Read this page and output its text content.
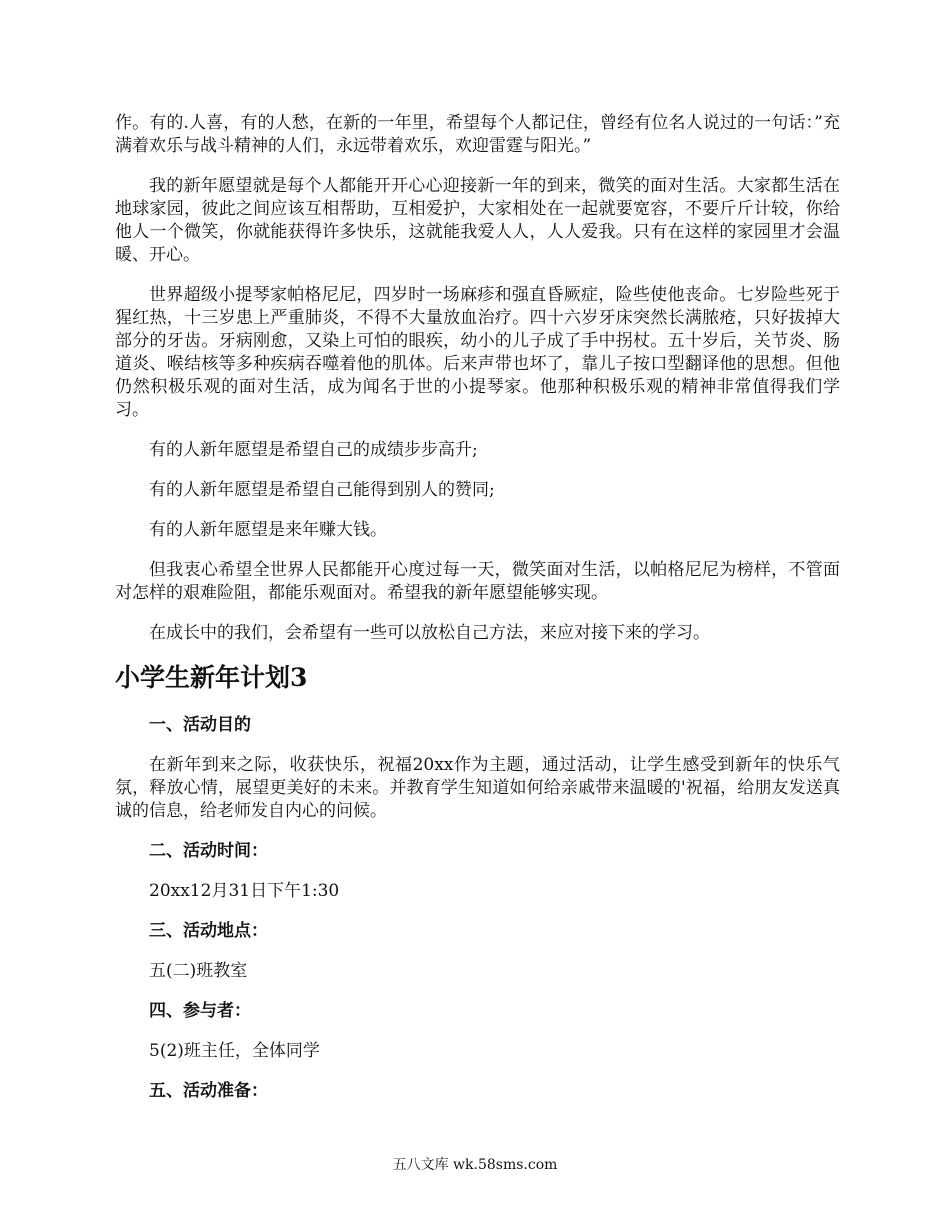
作。有的.人喜，有的人愁，在新的一年里，希望每个人都记住，曾经有位名人说过的一句话：”充满着欢乐与战斗精神的人们，永远带着欢乐，欢迎雷霆与阳光。”

我的新年愿望就是每个人都能开开心心迎接新一年的到来，微笑的面对生活。大家都生活在地球家园，彼此之间应该互相帮助，互相爱护，大家相处在一起就要宽容，不要斤斤计较，你给他人一个微笑，你就能获得许多快乐，这就能我爱人人，人人爱我。只有在这样的家园里才会温暖、开心。

世界超级小提琴家帕格尼尼，四岁时一场麻疹和强直昏厥症，险些使他丧命。七岁险些死于猩红热，十三岁患上严重肺炎，不得不大量放血治疗。四十六岁牙床突然长满脓疮，只好拔掉大部分的牙齿。牙病刚愈，又染上可怕的眼疾，幼小的儿子成了手中拐杖。五十岁后，关节炎、肠道炎、喉结核等多种疾病吞噬着他的肌体。后来声带也坏了，靠儿子按口型翻译他的思想。但他仍然积极乐观的面对生活，成为闻名于世的小提琴家。他那种积极乐观的精神非常值得我们学习。

有的人新年愿望是希望自己的成绩步步高升;

有的人新年愿望是希望自己能得到别人的赞同;

有的人新年愿望是来年赚大钱。

但我衷心希望全世界人民都能开心度过每一天，微笑面对生活，以帕格尼尼为榜样，不管面对怎样的艰难险阻，都能乐观面对。希望我的新年愿望能够实现。

在成长中的我们，会希望有一些可以放松自己方法，来应对接下来的学习。

小学生新年计划3
一、活动目的

在新年到来之际，收获快乐，祝福20xx作为主题，通过活动，让学生感受到新年的快乐气氛，释放心情，展望更美好的未来。并教育学生知道如何给亲戚带来温暖的'祝福，给朋友发送真诚的信息，给老师发自内心的问候。

二、活动时间：
20xx12月31日下午1:30
三、活动地点：
五(二)班教室
四、参与者：
5(2)班主任，全体同学
五、活动准备：
五八文库 wk.58sms.com
